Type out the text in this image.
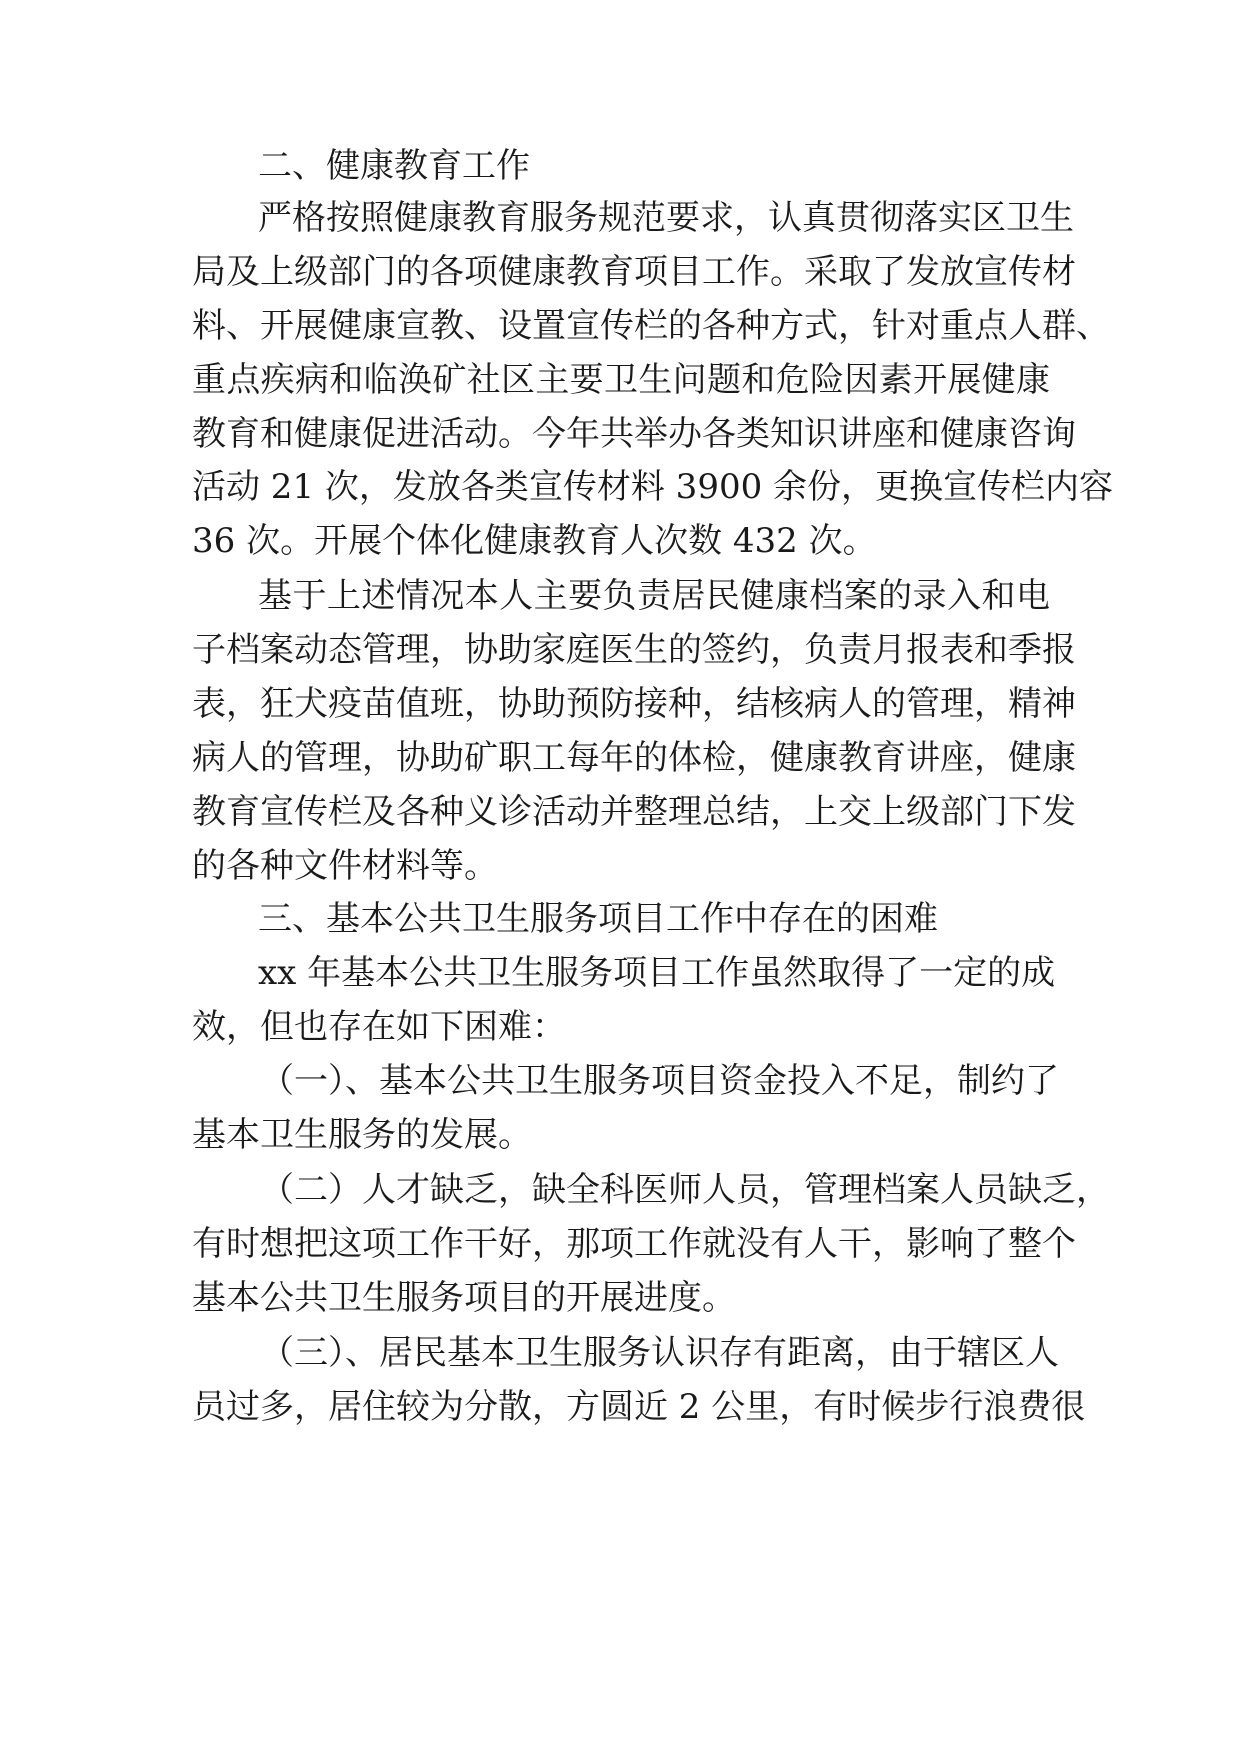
二、健康教育工作
严格按照健康教育服务规范要求，认真贯彻落实区卫生
局及上级部门的各项健康教育项目工作。采取了发放宣传材
料、开展健康宣教、设置宣传栏的各种方式，针对重点人群、
重点疾病和临涣矿社区主要卫生问题和危险因素开展健康
教育和健康促进活动。今年共举办各类知识讲座和健康咨询
活动 21 次，发放各类宣传材料 3900 余份，更换宣传栏内容
36 次。开展个体化健康教育人次数 432 次。
基于上述情况本人主要负责居民健康档案的录入和电
子档案动态管理，协助家庭医生的签约，负责月报表和季报
表，狂犬疫苗值班，协助预防接种，结核病人的管理，精神
病人的管理，协助矿职工每年的体检，健康教育讲座，健康
教育宣传栏及各种义诊活动并整理总结，上交上级部门下发
的各种文件材料等。
三、基本公共卫生服务项目工作中存在的困难
xx 年基本公共卫生服务项目工作虽然取得了一定的成
效，但也存在如下困难：
（一）、基本公共卫生服务项目资金投入不足，制约了
基本卫生服务的发展。
（二）人才缺乏，缺全科医师人员，管理档案人员缺乏，
有时想把这项工作干好，那项工作就没有人干，影响了整个
基本公共卫生服务项目的开展进度。
（三）、居民基本卫生服务认识存有距离，由于辖区人
员过多，居住较为分散，方圆近 2 公里，有时候步行浪费很
